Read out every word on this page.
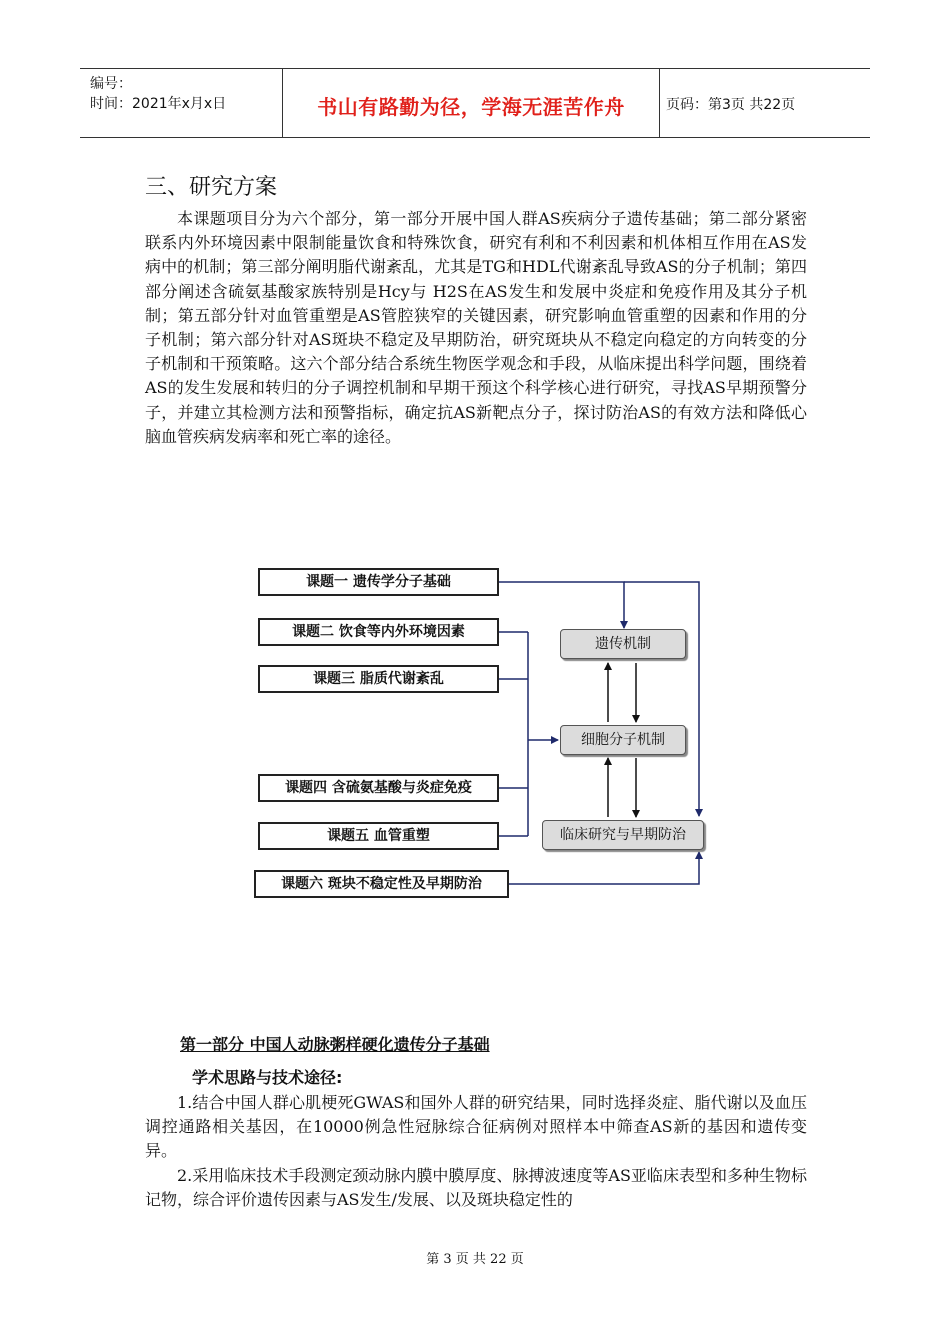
编号：
时间：2021年x月x日	书山有路勤为径，学海无涯苦作舟	页码：第3页 共22页
三、研究方案

本课题项目分为六个部分，第一部分开展中国人群AS疾病分子遗传基础；第二部分紧密联系内外环境因素中限制能量饮食和特殊饮食，研究有利和不利因素和机体相互作用在AS发病中的机制；第三部分阐明脂代谢紊乱，尤其是TG和HDL代谢紊乱导致AS的分子机制；第四部分阐述含硫氨基酸家族特别是Hcy与 H2S在AS发生和发展中炎症和免疫作用及其分子机制；第五部分针对血管重塑是AS管腔狭窄的关键因素，研究影响血管重塑的因素和作用的分子机制；第六部分针对AS斑块不稳定及早期防治，研究斑块从不稳定向稳定的方向转变的分子机制和干预策略。这六个部分结合系统生物医学观念和手段，从临床提出科学问题，围绕着AS的发生发展和转归的分子调控机制和早期干预这个科学核心进行研究，寻找AS早期预警分子，并建立其检测方法和预警指标，确定抗AS新靶点分子，探讨防治AS的有效方法和降低心脑血管疾病发病率和死亡率的途径。

课题一 遗传学分子基础
课题二 饮食等内外环境因素
课题三 脂质代谢紊乱
课题四 含硫氨基酸与炎症免疫
课题五 血管重塑
课题六 斑块不稳定性及早期防治
遗传机制
细胞分子机制
临床研究与早期防治
第一部分 中国人动脉粥样硬化遗传分子基础
学术思路与技术途径:

1.结合中国人群心肌梗死GWAS和国外人群的研究结果，同时选择炎症、脂代谢以及血压调控通路相关基因，在10000例急性冠脉综合征病例对照样本中筛查AS新的基因和遗传变异。

2.采用临床技术手段测定颈动脉内膜中膜厚度、脉搏波速度等AS亚临床表型和多种生物标记物，综合评价遗传因素与AS发生/发展、以及斑块稳定性的

第 3 页 共 22 页
